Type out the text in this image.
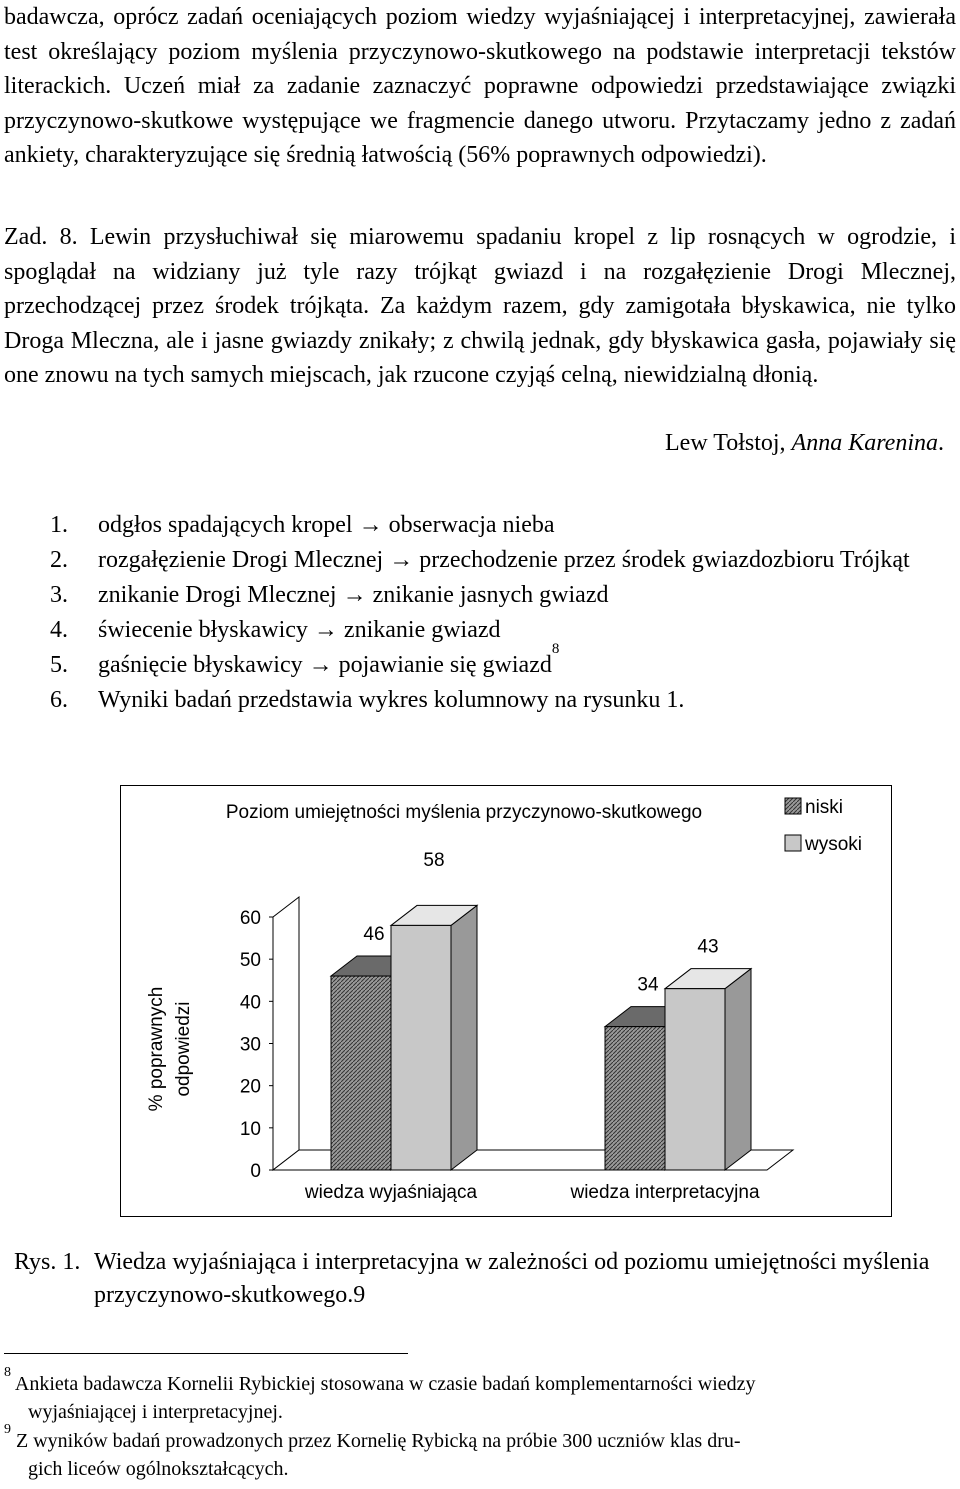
badawcza, oprócz zadań oceniających poziom wiedzy wyjaśniającej i interpretacyjnej, zawierała test określający poziom myślenia przyczynowo-skutkowego na podstawie interpretacji tekstów literackich. Uczeń miał za zadanie zaznaczyć poprawne odpowiedzi przedstawiające związki przyczynowo-skutkowe występujące we fragmencie danego utworu. Przytaczamy jedno z zadań ankiety, charakteryzujące się średnią łatwością (56% poprawnych odpowiedzi).
Zad. 8. Lewin przysłuchiwał się miarowemu spadaniu kropel z lip rosnących w ogrodzie, i spoglądał na widziany już tyle razy trójkąt gwiazd i na rozgałęzienie Drogi Mlecznej, przechodzącej przez środek trójkąta. Za każdym razem, gdy zamigotała błyskawica, nie tylko Droga Mleczna, ale i jasne gwiazdy znikały; z chwilą jednak, gdy błyskawica gasła, pojawiały się one znowu na tych samych miejscach, jak rzucone czyjąś celną, niewidzialną dłonią.
Lew Tołstoj, Anna Karenina.
1. odgłos spadających kropel → obserwacja nieba
2. rozgałęzienie Drogi Mlecznej → przechodzenie przez środek gwiazdozbioru Trójkąt
3. znikanie Drogi Mlecznej → znikanie jasnych gwiazd
4. świecenie błyskawicy → znikanie gwiazd
5. gaśnięcie błyskawicy → pojawianie się gwiazd$^8$
6. Wyniki badań przedstawia wykres kolumnowy na rysunku 1.
Poziom umiejętności myślenia przyczynowo-skutkowego	niski
wysoki
% poprawnych odpowiedzi
0
10
20
30
40
50
60
46
58
wiedza wyjaśniająca
34
43
wiedza interpretacyjna
Rys. 1. Wiedza wyjaśniająca i interpretacyjna w zależności od poziomu umiejętności myślenia przyczynowo-skutkowego.9
$^8$ Ankieta badawcza Kornelii Rybickiej stosowana w czasie badań komplementarności wiedzy
wyjaśniającej i interpretacyjnej.
$^9$ Z wyników badań prowadzonych przez Kornelię Rybicką na próbie 300 uczniów klas dru-
gich liceów ogólnokształcących.
